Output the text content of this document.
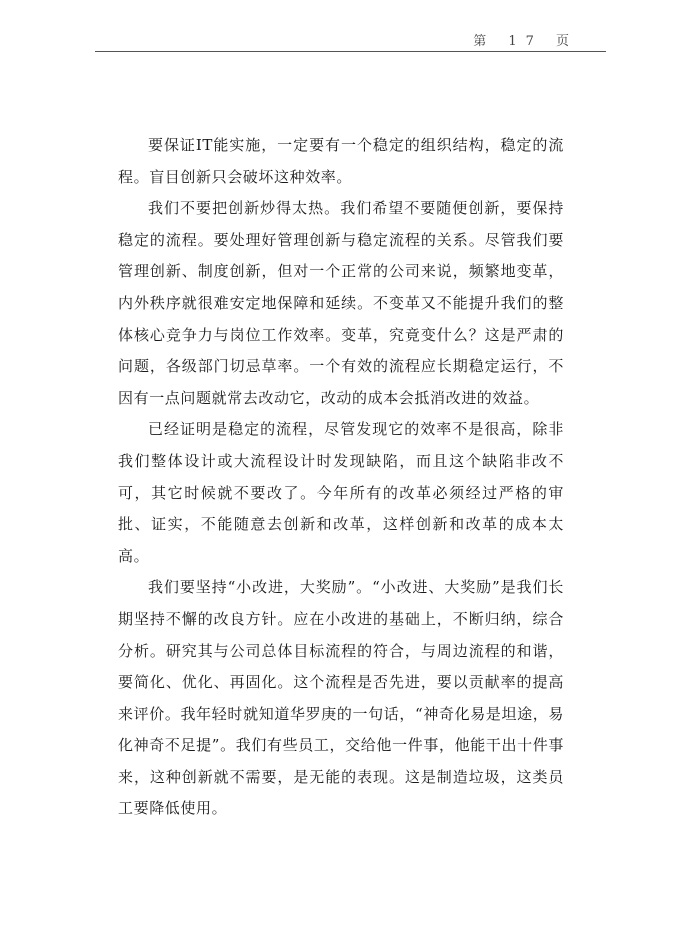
第 17 页

要保证IT能实施，一定要有一个稳定的组织结构，稳定的流程。盲目创新只会破坏这种效率。

我们不要把创新炒得太热。我们希望不要随便创新，要保持稳定的流程。要处理好管理创新与稳定流程的关系。尽管我们要管理创新、制度创新，但对一个正常的公司来说，频繁地变革，内外秩序就很难安定地保障和延续。不变革又不能提升我们的整体核心竞争力与岗位工作效率。变革，究竟变什么？这是严肃的问题，各级部门切忌草率。一个有效的流程应长期稳定运行，不因有一点问题就常去改动它，改动的成本会抵消改进的效益。

已经证明是稳定的流程，尽管发现它的效率不是很高，除非我们整体设计或大流程设计时发现缺陷，而且这个缺陷非改不可，其它时候就不要改了。今年所有的改革必须经过严格的审批、证实，不能随意去创新和改革，这样创新和改革的成本太高。

我们要坚持“小改进，大奖励”。“小改进、大奖励”是我们长期坚持不懈的改良方针。应在小改进的基础上，不断归纳，综合分析。研究其与公司总体目标流程的符合，与周边流程的和谐，要简化、优化、再固化。这个流程是否先进，要以贡献率的提高来评价。我年轻时就知道华罗庚的一句话，“神奇化易是坦途，易化神奇不足提”。我们有些员工，交给他一件事，他能干出十件事来，这种创新就不需要，是无能的表现。这是制造垃圾，这类员工要降低使用。
